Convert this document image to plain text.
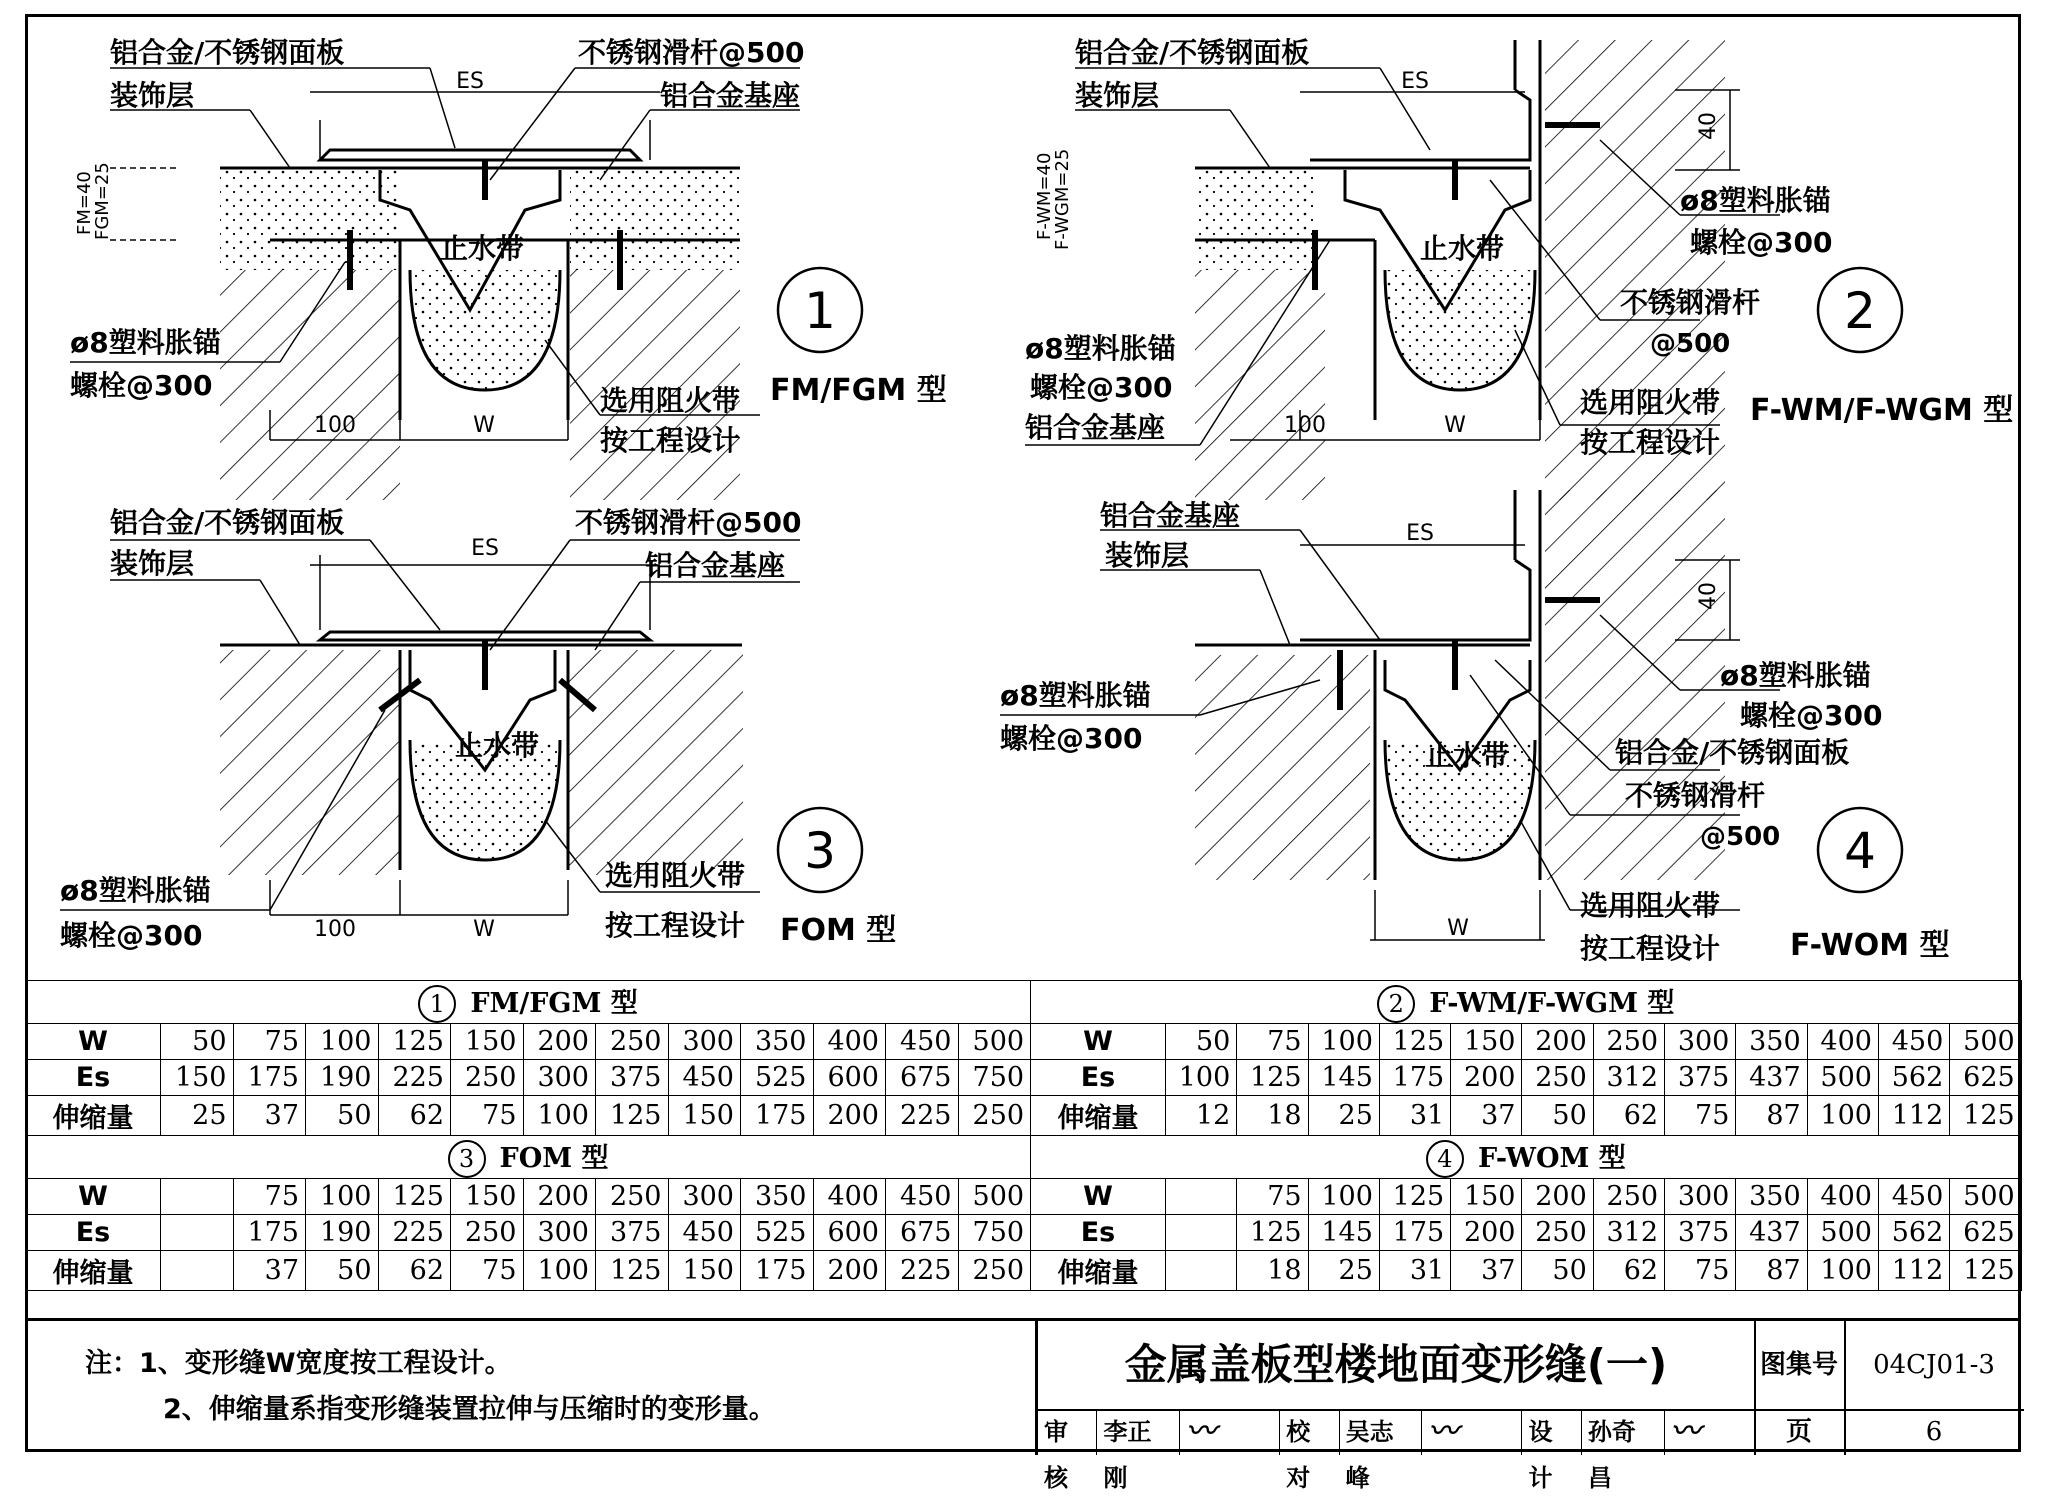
1
FM/FGM 型
铝合金/不锈钢面板
装饰层
不锈钢滑杆@500
铝合金基座
ES
止水带
ø8塑料胀锚
螺栓@300	选用阻火带
按工程设计
100	W
FM=40
FGM=25
2
F-WM/F-WGM 型
铝合金/不锈钢面板
装饰层	ES
40
ø8塑料胀锚
螺栓@300
止水带
不锈钢滑杆
@500
ø8塑料胀锚
螺栓@300
铝合金基座
选用阻火带
按工程设计
100	W
F-WM=40
F-WGM=25
3
FOM 型
铝合金/不锈钢面板
装饰层
不锈钢滑杆@500
铝合金基座
ES
止水带
ø8塑料胀锚
螺栓@300
选用阻火带
按工程设计
100	W
4
F-WOM 型
铝合金基座
装饰层
ES
40
ø8塑料胀锚
螺栓@300
ø8塑料胀锚
螺栓@300
止水带	铝合金/不锈钢面板
不锈钢滑杆
@500
选用阻火带
按工程设计
W
1 FM/FGM 型												
W	50	75	100	125	150	200	250	300	350	400	450	500
Es	150	175	190	225	250	300	375	450	525	600	675	750
伸缩量	25	37	50	62	75	100	125	150	175	200	225	250
3 FOM 型												
W		75	100	125	150	200	250	300	350	400	450	500
Es		175	190	225	250	300	375	450	525	600	675	750
伸缩量		37	50	62	75	100	125	150	175	200	225	250
2 F-WM/F-WGM 型												
W	50	75	100	125	150	200	250	300	350	400	450	500
Es	100	125	145	175	200	250	312	375	437	500	562	625
伸缩量	12	18	25	31	37	50	62	75	87	100	112	125
4 F-WOM 型												
W		75	100	125	150	200	250	300	350	400	450	500
Es		125	145	175	200	250	312	375	437	500	562	625
伸缩量		18	25	31	37	50	62	75	87	100	112	125
注：1、变形缝W宽度按工程设计。
2、伸缩量系指变形缝装置拉伸与压缩时的变形量。
金属盖板型楼地面变形缝(一)	图集号	04CJ01-3
审核
李正刚
〰	校对
吴志峰
〰	设计
孙奇昌
〰	页	6
